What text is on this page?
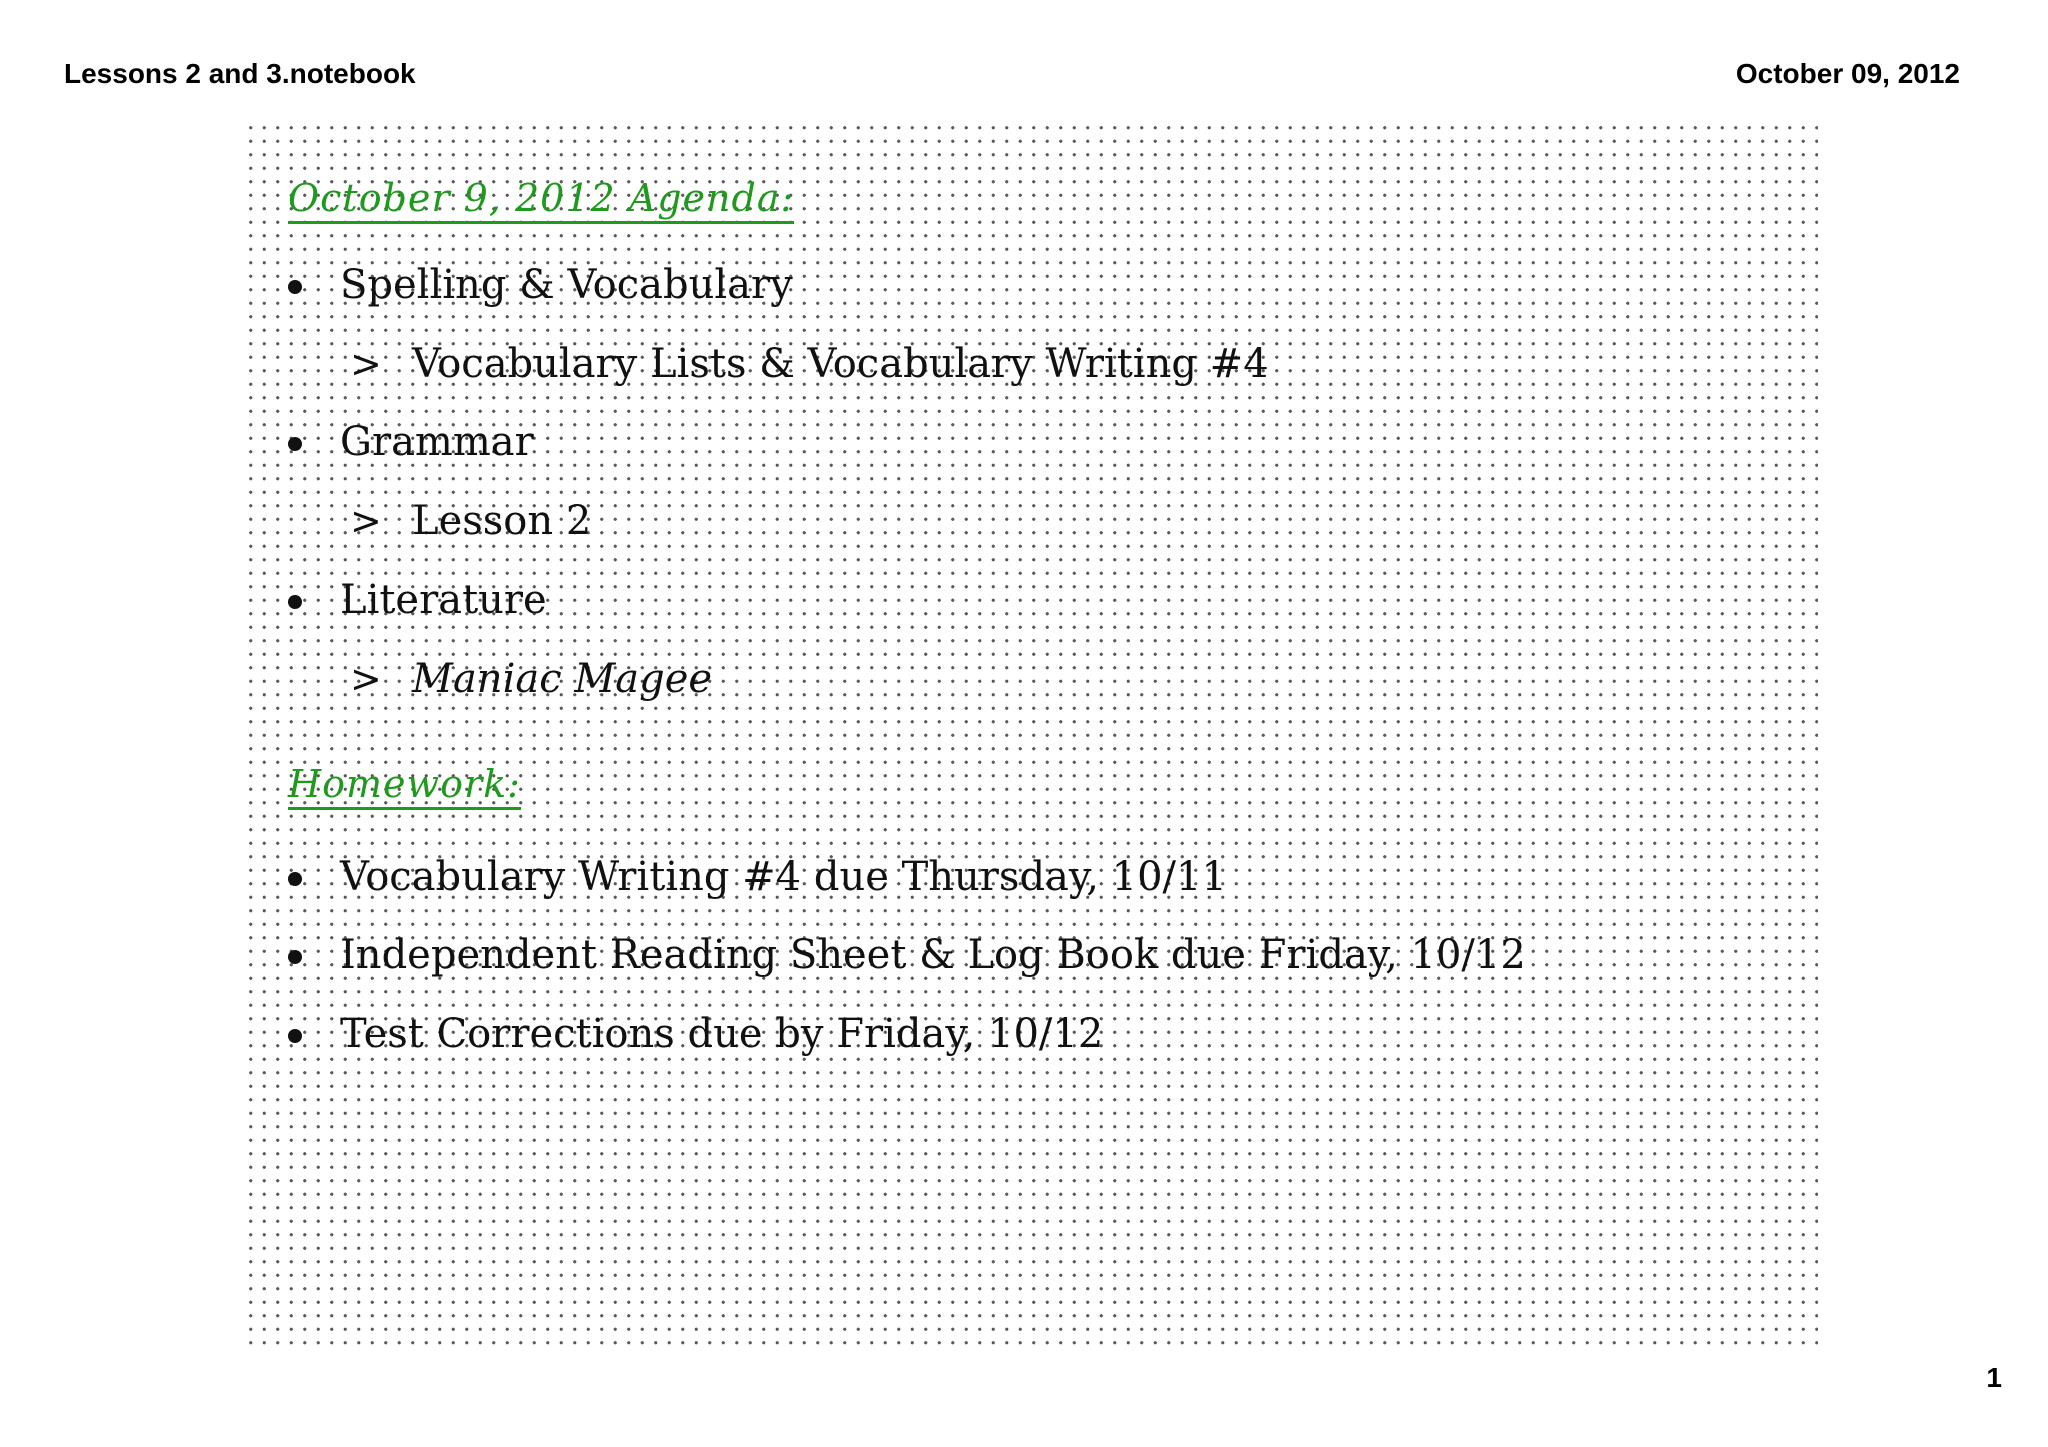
Lessons 2 and 3.notebook	October 09, 2012
October 9, 2012 Agenda:
Spelling & Vocabulary
> Vocabulary Lists & Vocabulary Writing #4
Grammar
> Lesson 2
Literature
> Maniac Magee
Homework:
Vocabulary Writing #4 due Thursday, 10/11
Independent Reading Sheet & Log Book due Friday, 10/12
Test Corrections due by Friday, 10/12
1
